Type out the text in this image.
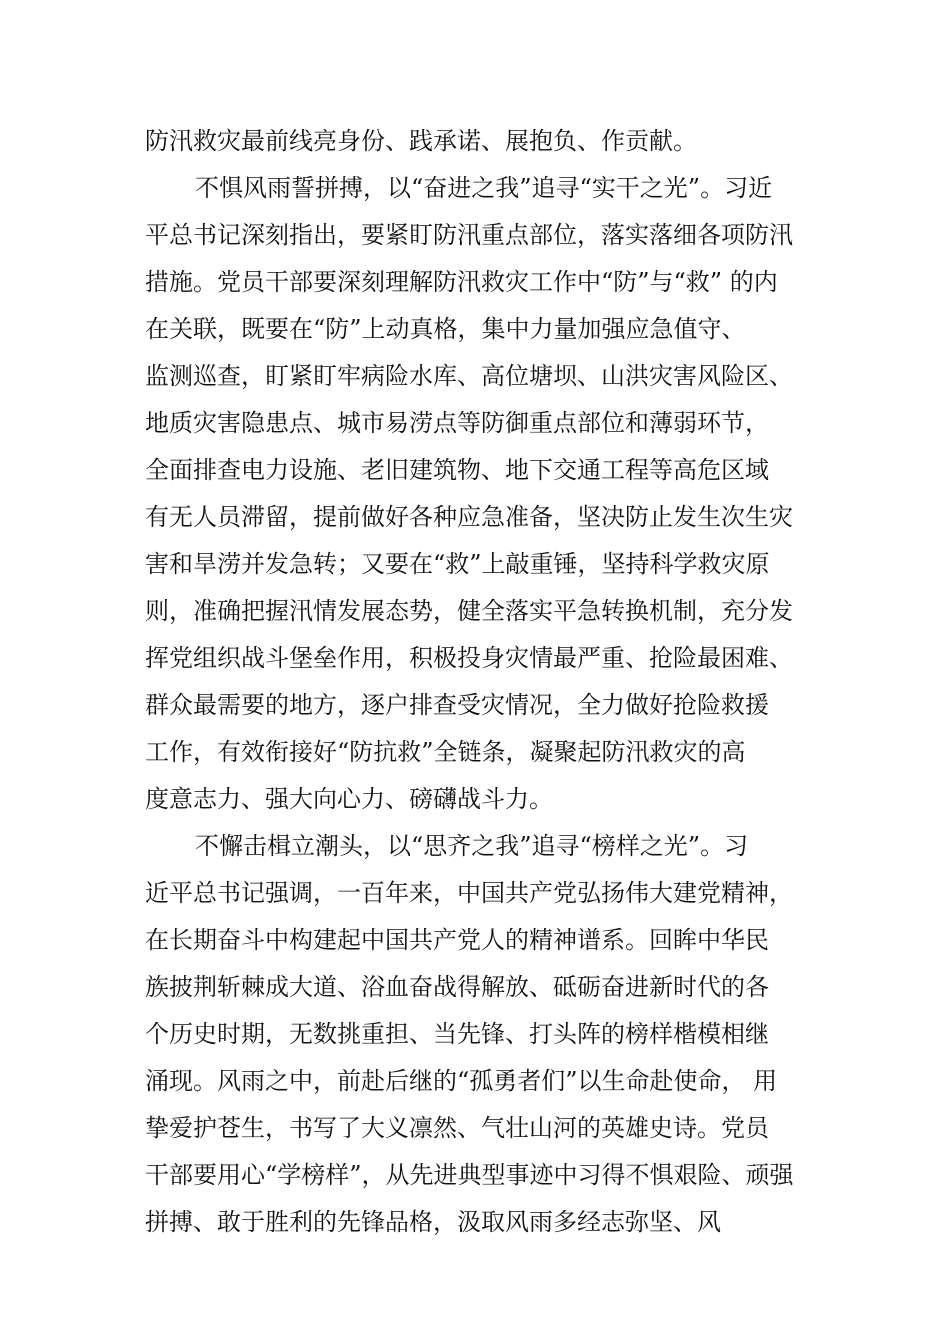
防汛救灾最前线亮身份、践承诺、展抱负、作贡献。
不惧风雨誓拼搏，以“奋进之我”追寻“实干之光”。习近
平总书记深刻指出，要紧盯防汛重点部位，落实落细各项防汛
措施。党员干部要深刻理解防汛救灾工作中“防”与“救” 的内
在关联，既要在“防”上动真格，集中力量加强应急值守、
监测巡查，盯紧盯牢病险水库、高位塘坝、山洪灾害风险区、
地质灾害隐患点、城市易涝点等防御重点部位和薄弱环节，
全面排查电力设施、老旧建筑物、地下交通工程等高危区域
有无人员滞留，提前做好各种应急准备，坚决防止发生次生灾
害和旱涝并发急转；又要在“救”上敲重锤，坚持科学救灾原
则，准确把握汛情发展态势，健全落实平急转换机制，充分发
挥党组织战斗堡垒作用，积极投身灾情最严重、抢险最困难、
群众最需要的地方，逐户排查受灾情况，全力做好抢险救援
工作，有效衔接好“防抗救”全链条，凝聚起防汛救灾的高
度意志力、强大向心力、磅礴战斗力。
不懈击楫立潮头，以“思齐之我”追寻“榜样之光”。习
近平总书记强调，一百年来，中国共产党弘扬伟大建党精神，
在长期奋斗中构建起中国共产党人的精神谱系。回眸中华民
族披荆斩棘成大道、浴血奋战得解放、砥砺奋进新时代的各
个历史时期，无数挑重担、当先锋、打头阵的榜样楷模相继
涌现。风雨之中，前赴后继的“孤勇者们”以生命赴使命， 用
挚爱护苍生，书写了大义凛然、气壮山河的英雄史诗。党员
干部要用心“学榜样”，从先进典型事迹中习得不惧艰险、顽强
拼搏、敢于胜利的先锋品格，汲取风雨多经志弥坚、风
